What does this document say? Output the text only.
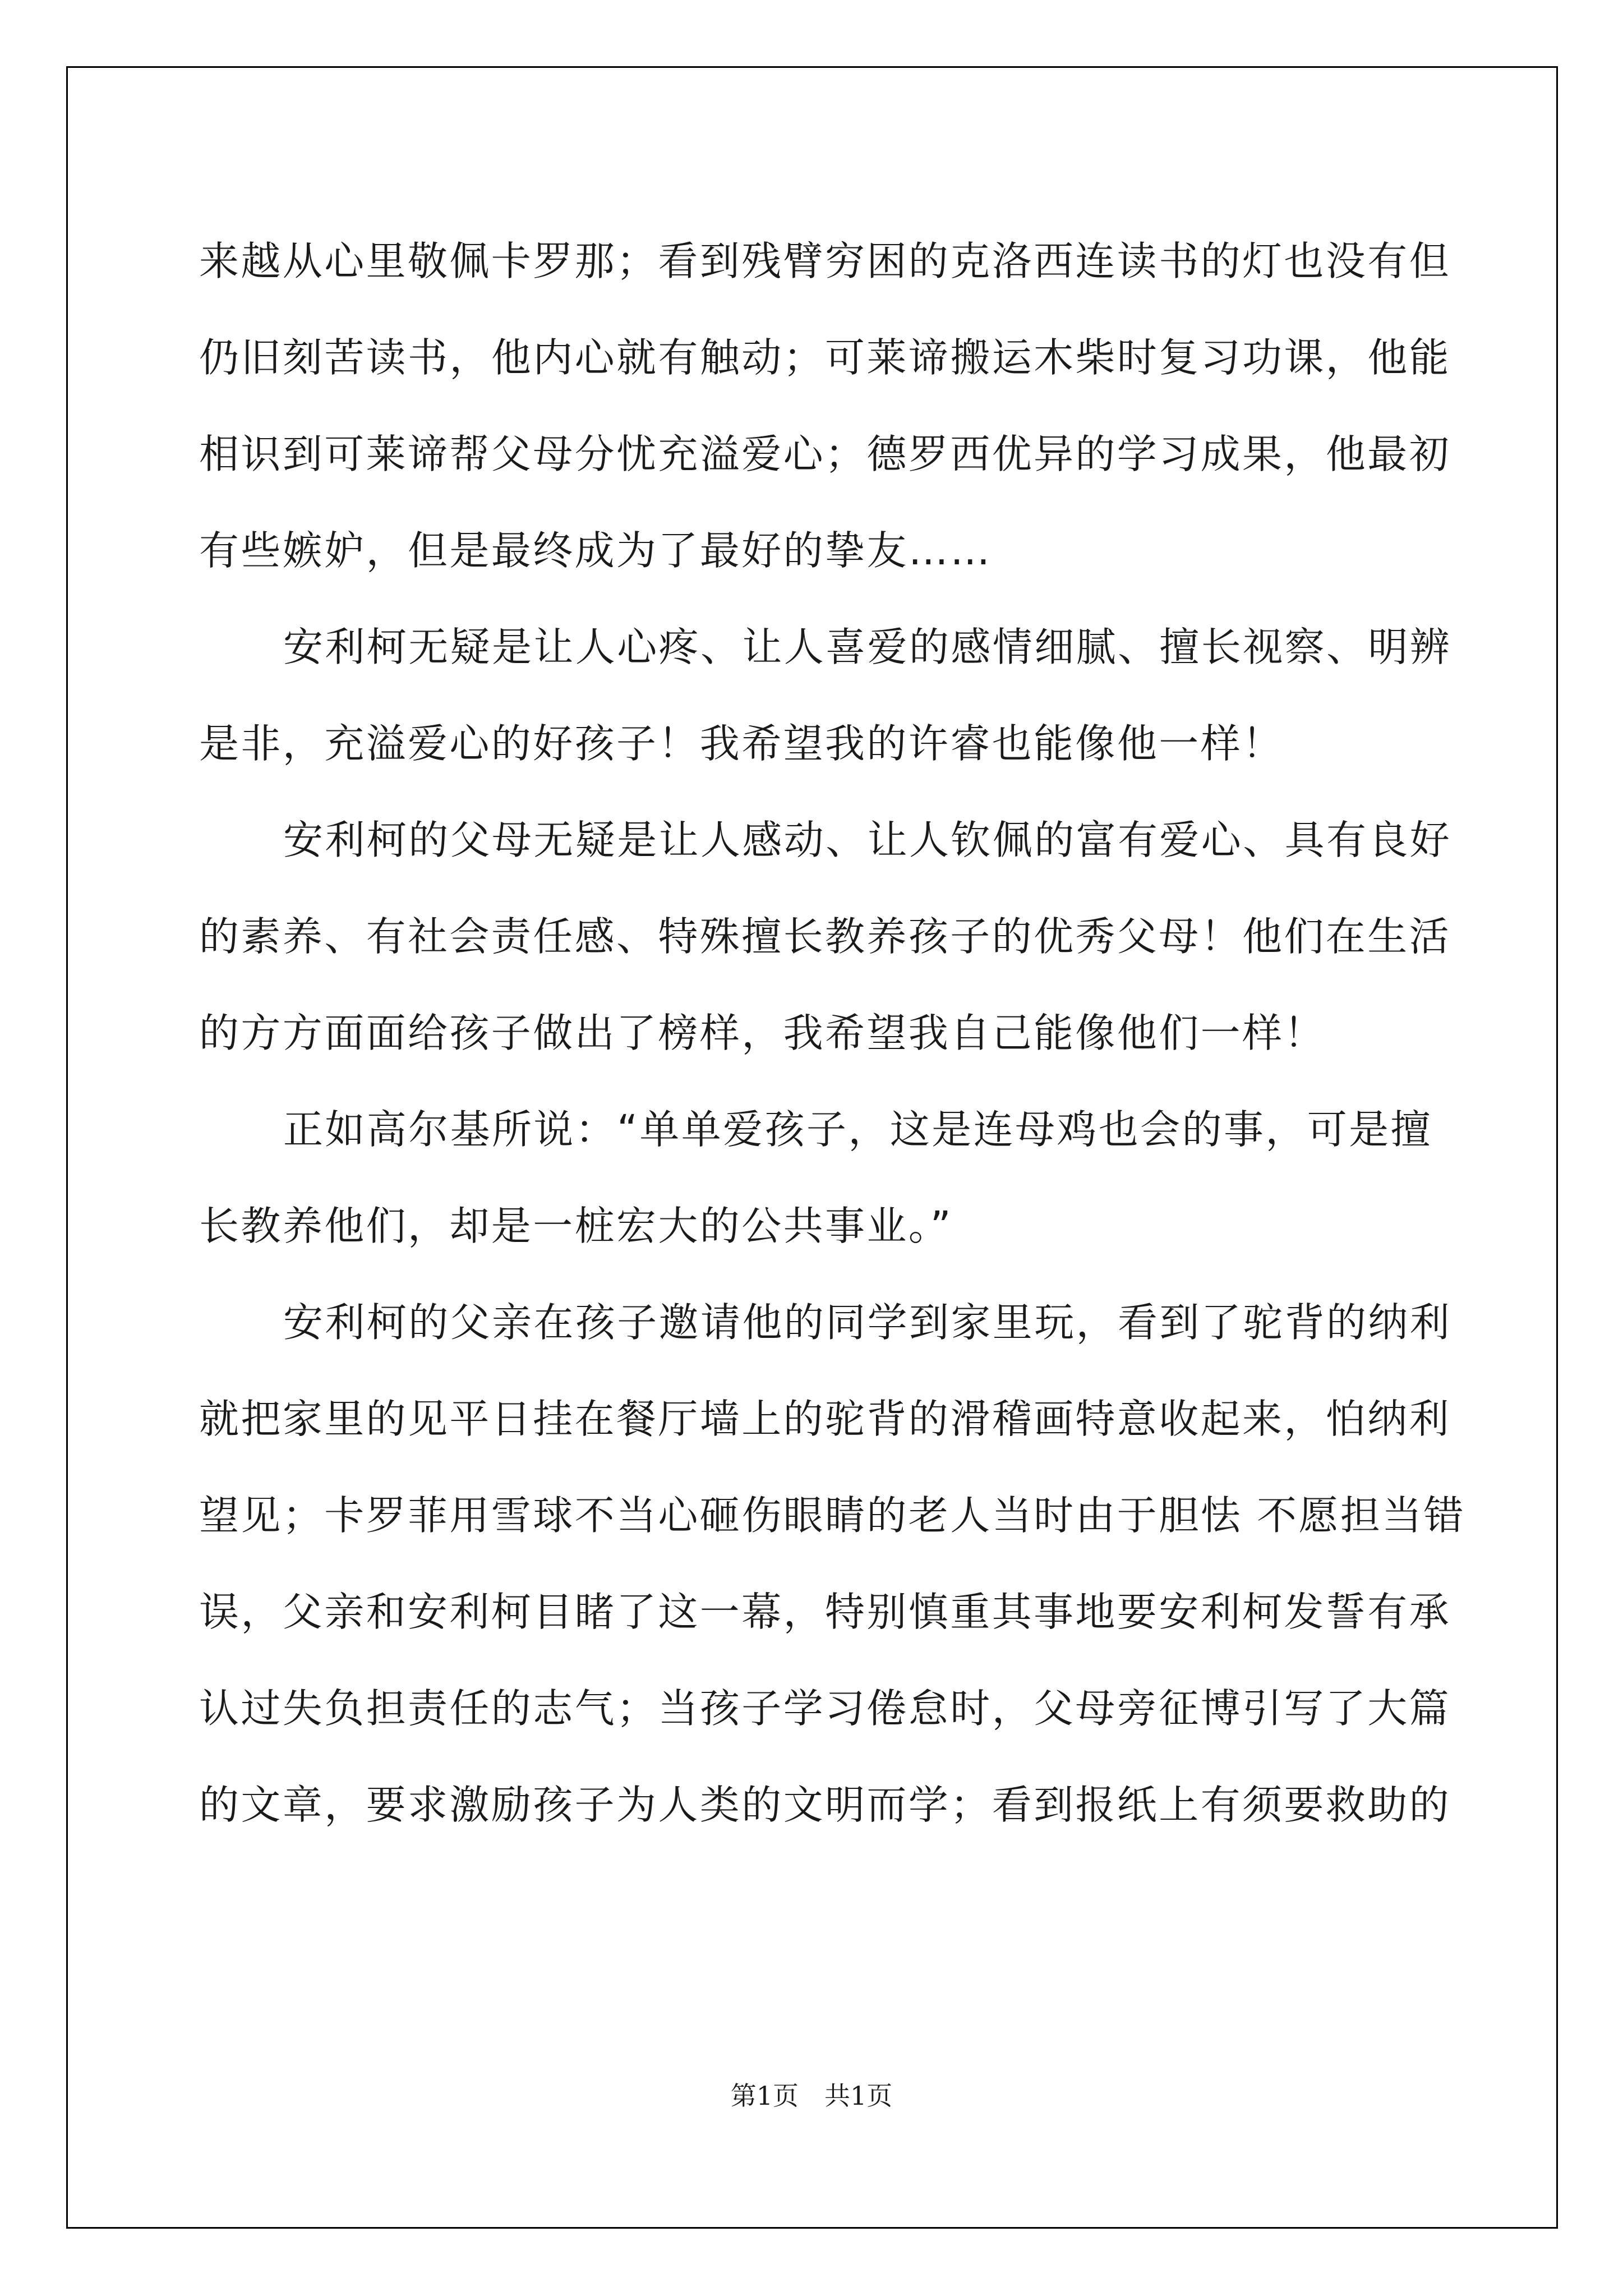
来越从心里敬佩卡罗那；看到残臂穷困的克洛西连读书的灯也没有但
仍旧刻苦读书，他内心就有触动；可莱谛搬运木柴时复习功课，他能
相识到可莱谛帮父母分忧充溢爱心；德罗西优异的学习成果，他最初
有些嫉妒，但是最终成为了最好的挚友……
安利柯无疑是让人心疼、让人喜爱的感情细腻、擅长视察、明辨
是非，充溢爱心的好孩子！我希望我的许睿也能像他一样！
安利柯的父母无疑是让人感动、让人钦佩的富有爱心、具有良好
的素养、有社会责任感、特殊擅长教养孩子的优秀父母！他们在生活
的方方面面给孩子做出了榜样，我希望我自己能像他们一样！
正如高尔基所说：“单单爱孩子，这是连母鸡也会的事，可是擅
长教养他们，却是一桩宏大的公共事业。”
安利柯的父亲在孩子邀请他的同学到家里玩，看到了驼背的纳利
就把家里的见平日挂在餐厅墙上的驼背的滑稽画特意收起来，怕纳利
望见；卡罗菲用雪球不当心砸伤眼睛的老人当时由于胆怯 不愿担当错
误，父亲和安利柯目睹了这一幕，特别慎重其事地要安利柯发誓有承
认过失负担责任的志气；当孩子学习倦怠时，父母旁征博引写了大篇
的文章，要求激励孩子为人类的文明而学；看到报纸上有须要救助的
第1页　共1页
